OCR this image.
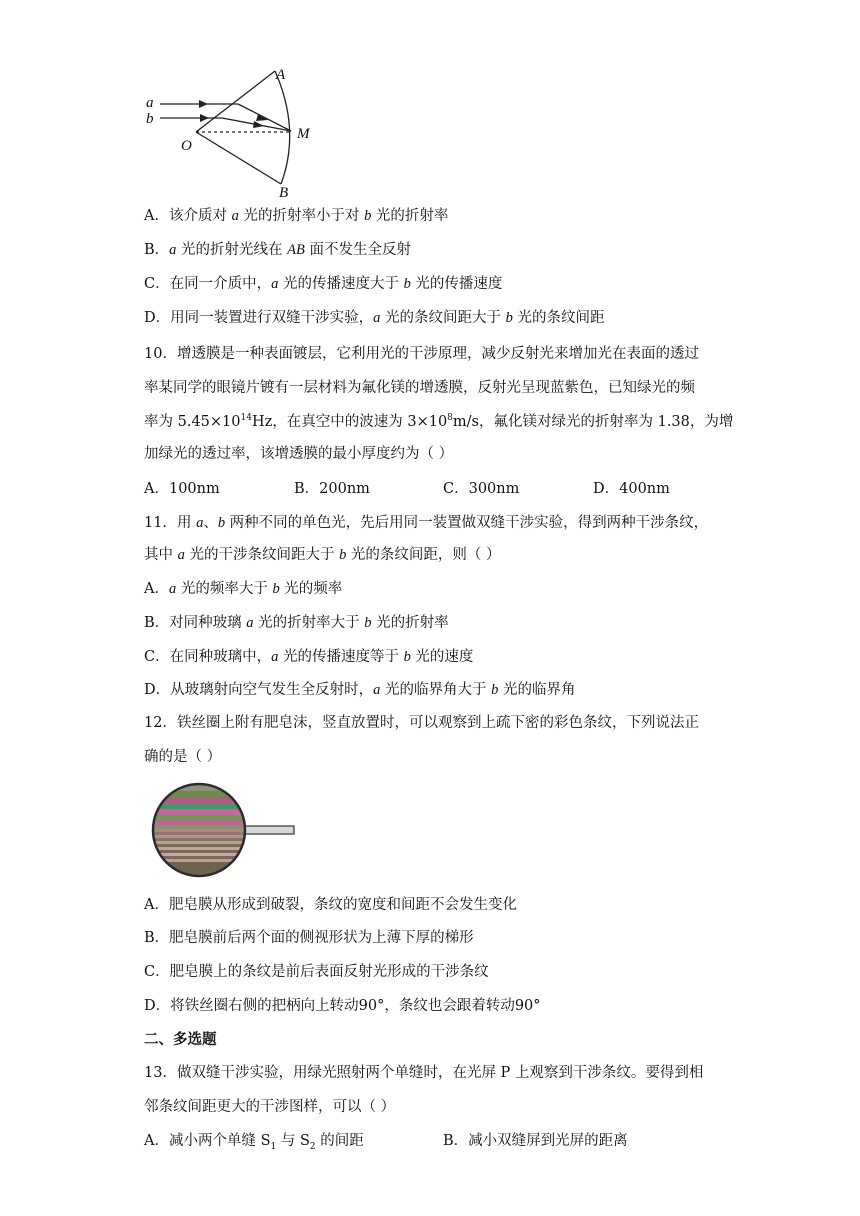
a
b
O
A
M
B
A．该介质对 a 光的折射率小于对 b 光的折射率
B．a 光的折射光线在 AB 面不发生全反射
C．在同一介质中，a 光的传播速度大于 b 光的传播速度
D．用同一装置进行双缝干涉实验，a 光的条纹间距大于 b 光的条纹间距
10．增透膜是一种表面镀层，它利用光的干涉原理，减少反射光来增加光在表面的透过
率某同学的眼镜片镀有一层材料为氟化镁的增透膜，反射光呈现蓝紫色，已知绿光的频
率为 $5.45\times 10^{14}Hz$，在真空中的波速为 $3\times 10^8m/s$，氟化镁对绿光的折射率为 1.38，为增
加绿光的透过率，该增透膜的最小厚度约为（ ）
A．100nm	B．200nm	C．300nm	D．400nm
11．用 a、b 两种不同的单色光，先后用同一装置做双缝干涉实验，得到两种干涉条纹，
其中 a 光的干涉条纹间距大于 b 光的条纹间距，则（ ）
A．a 光的频率大于 b 光的频率
B．对同种玻璃 a 光的折射率大于 b 光的折射率
C．在同种玻璃中，a 光的传播速度等于 b 光的速度
D．从玻璃射向空气发生全反射时，a 光的临界角大于 b 光的临界角
12．铁丝圈上附有肥皂沫，竖直放置时，可以观察到上疏下密的彩色条纹，下列说法正
确的是（ ）
A．肥皂膜从形成到破裂，条纹的宽度和间距不会发生变化
B．肥皂膜前后两个面的侧视形状为上薄下厚的梯形
C．肥皂膜上的条纹是前后表面反射光形成的干涉条纹
D．将铁丝圈右侧的把柄向上转动90°，条纹也会跟着转动90°
二、多选题
13．做双缝干涉实验，用绿光照射两个单缝时，在光屏 P 上观察到干涉条纹。要得到相
邻条纹间距更大的干涉图样，可以（ ）
A．减小两个单缝 $S_1$ 与 $S_2$ 的间距	B．减小双缝屏到光屏的距离
